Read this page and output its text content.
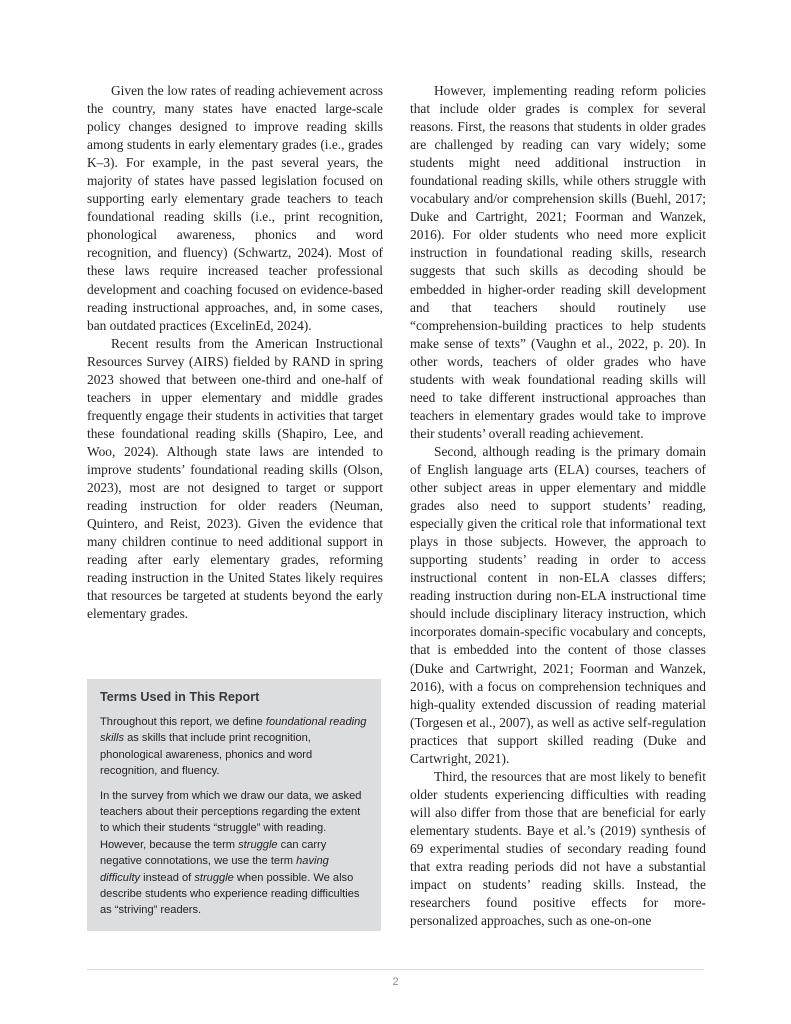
Given the low rates of reading achievement across the country, many states have enacted large-scale policy changes designed to improve reading skills among students in early elementary grades (i.e., grades K–3). For example, in the past several years, the majority of states have passed legislation focused on supporting early elementary grade teachers to teach foundational reading skills (i.e., print recognition, phonological awareness, phonics and word recognition, and fluency) (Schwartz, 2024). Most of these laws require increased teacher professional development and coaching focused on evidence-based reading instructional approaches, and, in some cases, ban outdated practices (ExcelinEd, 2024).

Recent results from the American Instructional Resources Survey (AIRS) fielded by RAND in spring 2023 showed that between one-third and one-half of teachers in upper elementary and middle grades frequently engage their students in activities that target these foundational reading skills (Shapiro, Lee, and Woo, 2024). Although state laws are intended to improve students’ foundational reading skills (Olson, 2023), most are not designed to target or support reading instruction for older readers (Neuman, Quintero, and Reist, 2023). Given the evidence that many children continue to need additional support in reading after early elementary grades, reforming reading instruction in the United States likely requires that resources be targeted at students beyond the early elementary grades.

Terms Used in This Report

Throughout this report, we define foundational reading skills as skills that include print recognition, phonological awareness, phonics and word recognition, and fluency.

In the survey from which we draw our data, we asked teachers about their perceptions regarding the extent to which their students “struggle” with reading. However, because the term struggle can carry negative connotations, we use the term having difficulty instead of struggle when possible. We also describe students who experience reading difficulties as “striving” readers.

However, implementing reading reform policies that include older grades is complex for several reasons. First, the reasons that students in older grades are challenged by reading can vary widely; some students might need additional instruction in foundational reading skills, while others struggle with vocabulary and/or comprehension skills (Buehl, 2017; Duke and Cartright, 2021; Foorman and Wanzek, 2016). For older students who need more explicit instruction in foundational reading skills, research suggests that such skills as decoding should be embedded in higher-order reading skill development and that teachers should routinely use “comprehension-building practices to help students make sense of texts” (Vaughn et al., 2022, p. 20). In other words, teachers of older grades who have students with weak foundational reading skills will need to take different instructional approaches than teachers in elementary grades would take to improve their students’ overall reading achievement.

Second, although reading is the primary domain of English language arts (ELA) courses, teachers of other subject areas in upper elementary and middle grades also need to support students’ reading, especially given the critical role that informational text plays in those subjects. However, the approach to supporting students’ reading in order to access instructional content in non-ELA classes differs; reading instruction during non-ELA instructional time should include disciplinary literacy instruction, which incorporates domain-specific vocabulary and concepts, that is embedded into the content of those classes (Duke and Cartwright, 2021; Foorman and Wanzek, 2016), with a focus on comprehension techniques and high-quality extended discussion of reading material (Torgesen et al., 2007), as well as active self-regulation practices that support skilled reading (Duke and Cartwright, 2021).

Third, the resources that are most likely to benefit older students experiencing difficulties with reading will also differ from those that are beneficial for early elementary students. Baye et al.’s (2019) synthesis of 69 experimental studies of secondary reading found that extra reading periods did not have a substantial impact on students’ reading skills. Instead, the researchers found positive effects for more-personalized approaches, such as one-on-one

2
